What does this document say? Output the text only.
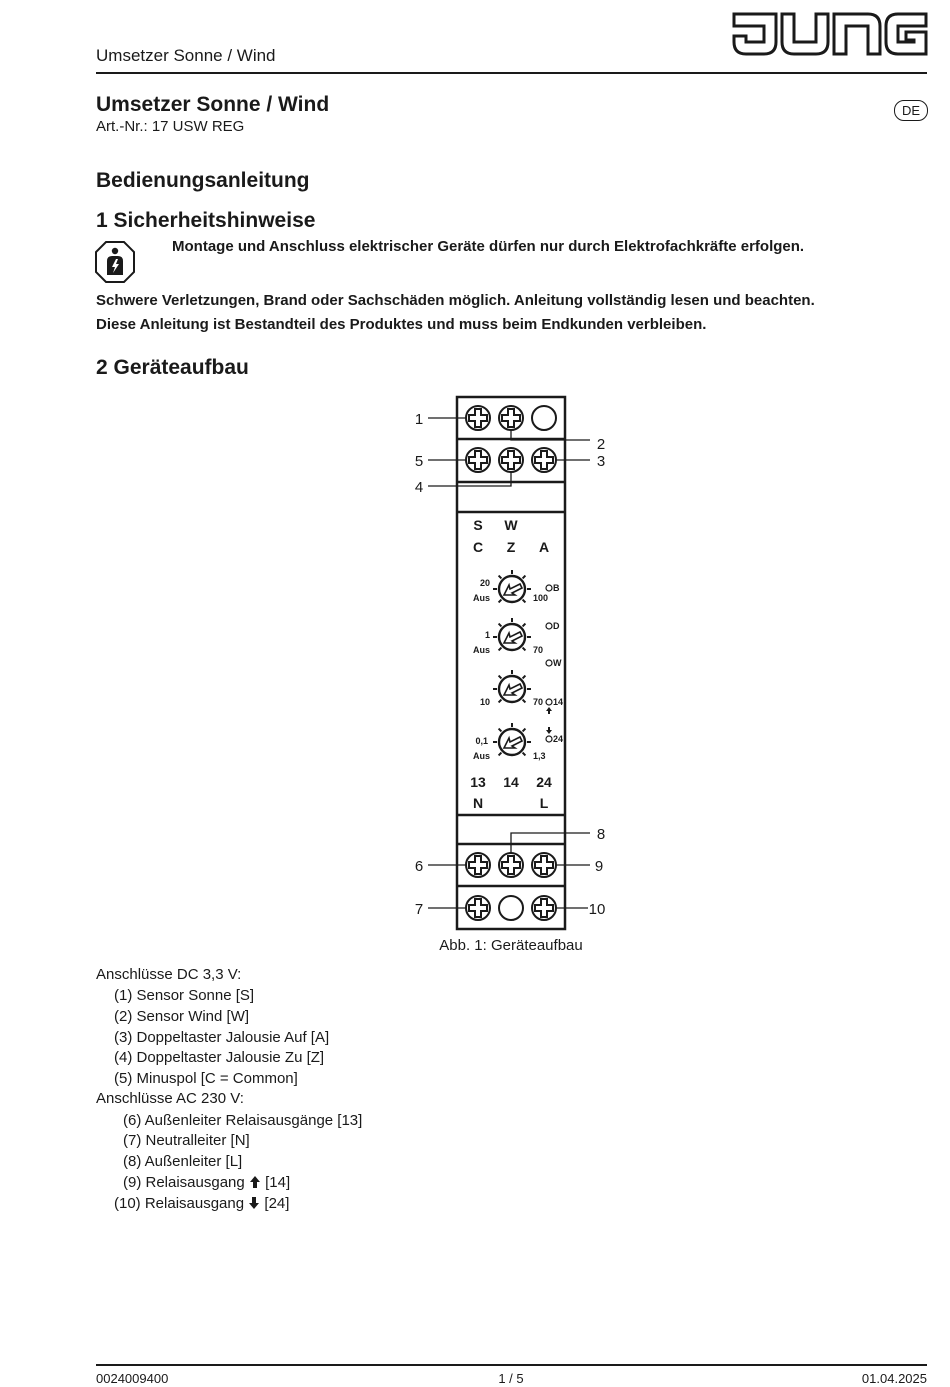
Umsetzer Sonne / Wind
JUNG
Umsetzer Sonne / Wind
Art.-Nr.: 17 USW REG
DE
Bedienungsanleitung
1 Sicherheitshinweise
Montage und Anschluss elektrischer Geräte dürfen nur durch Elektrofachkräfte erfolgen.
Schwere Verletzungen, Brand oder Sachschäden möglich. Anleitung vollständig lesen und beachten.
Diese Anleitung ist Bestandteil des Produktes und muss beim Endkunden verbleiben.
2 Geräteaufbau
1
2
3
4
5
6
7
8
9
10
S W
C Z A
13 14 24
N	L
20
Aus	100
B
1
Aus	70
D
W
10	70 14
0,1
Aus	1,3
24
Abb. 1: Geräteaufbau
Anschlüsse DC 3,3 V:
(1) Sensor Sonne [S]
(2) Sensor Wind [W]
(3) Doppeltaster Jalousie Auf [A]
(4) Doppeltaster Jalousie Zu [Z]
(5) Minuspol [C = Common]
Anschlüsse AC 230 V:
(6) Außenleiter Relaisausgänge [13]
(7) Neutralleiter [N]
(8) Außenleiter [L]
(9) Relaisausgang [14]
(10) Relaisausgang [24]
0024009400	1 / 5	01.04.2025
